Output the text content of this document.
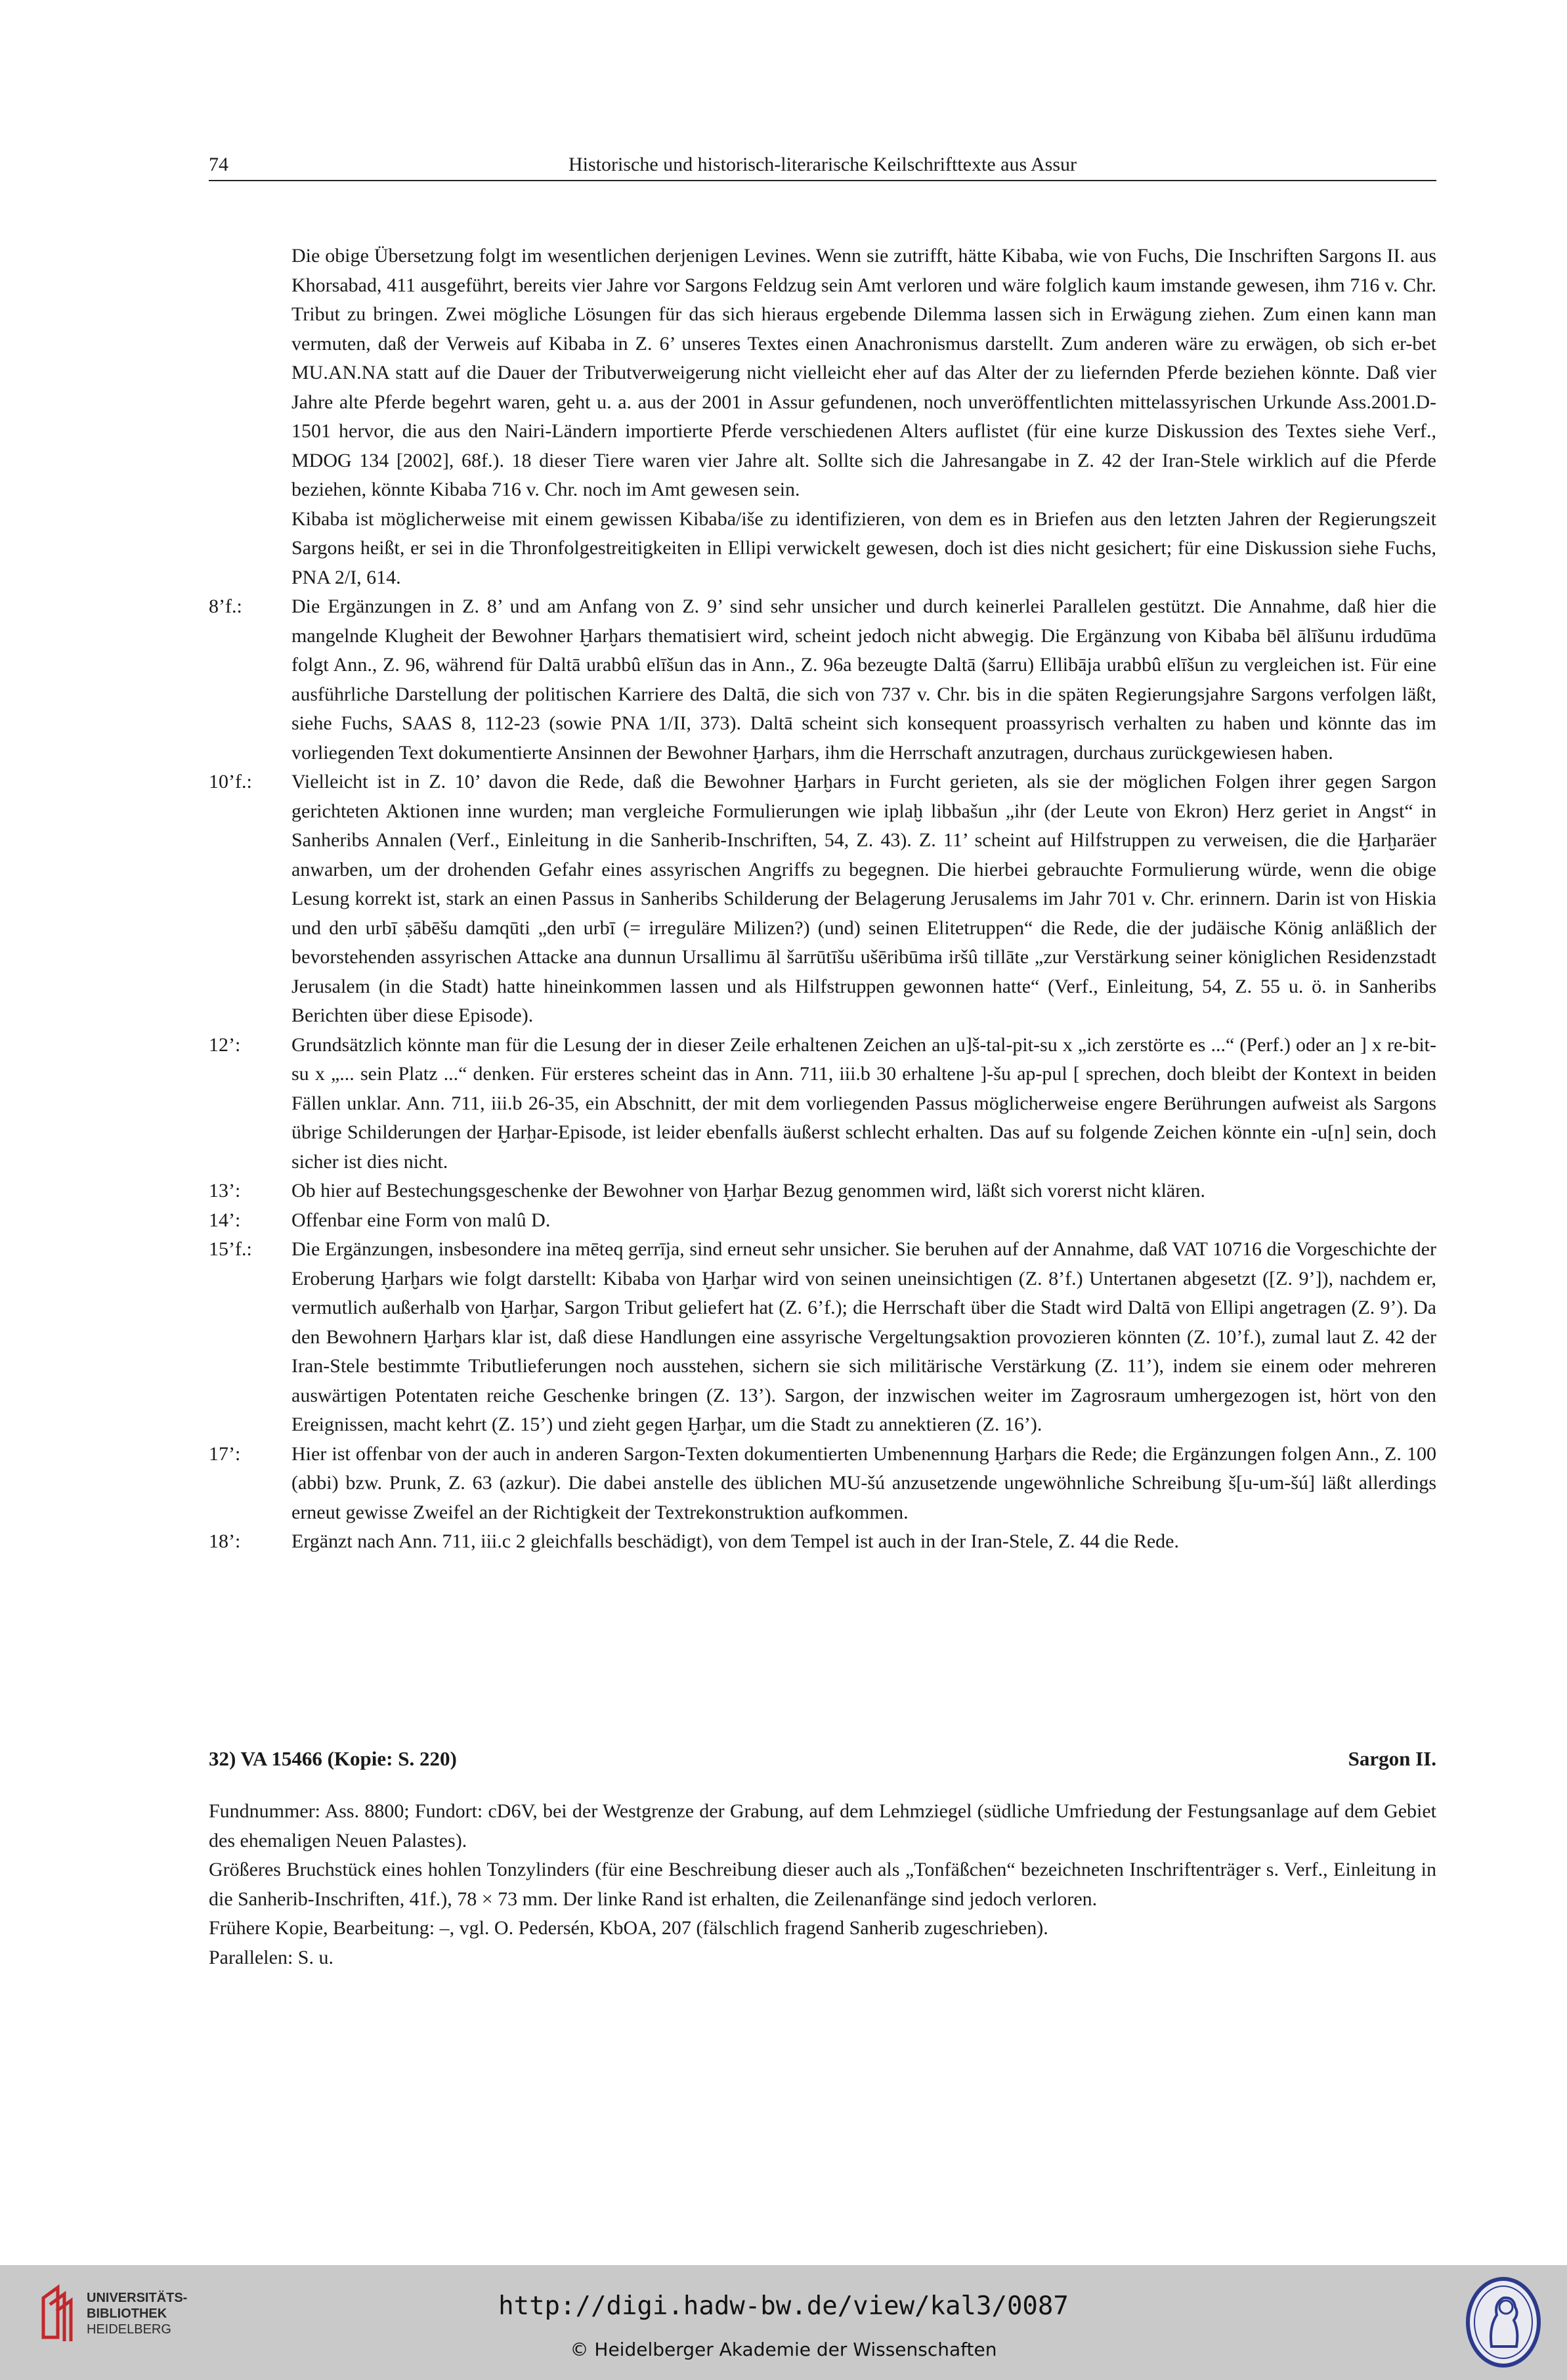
74	Historische und historisch-literarische Keilschrifttexte aus Assur
Die obige Übersetzung folgt im wesentlichen derjenigen Levines. Wenn sie zutrifft, hätte Kibaba, wie von Fuchs, Die Inschriften Sargons II. aus Khorsabad, 411 ausgeführt, bereits vier Jahre vor Sargons Feldzug sein Amt verloren und wäre folglich kaum imstande gewesen, ihm 716 v. Chr. Tribut zu bringen. Zwei mögliche Lösungen für das sich hieraus ergebende Dilemma lassen sich in Erwägung ziehen. Zum einen kann man vermuten, daß der Verweis auf Kibaba in Z. 6’ unseres Textes einen Anachronismus darstellt. Zum anderen wäre zu erwägen, ob sich er-bet MU.AN.NA statt auf die Dauer der Tributverweigerung nicht vielleicht eher auf das Alter der zu liefernden Pferde beziehen könnte. Daß vier Jahre alte Pferde begehrt waren, geht u. a. aus der 2001 in Assur gefundenen, noch unveröffentlichten mittelassyrischen Urkunde Ass.2001.D-1501 hervor, die aus den Nairi-Ländern importierte Pferde verschiedenen Alters auflistet (für eine kurze Diskussion des Textes siehe Verf., MDOG 134 [2002], 68f.). 18 dieser Tiere waren vier Jahre alt. Sollte sich die Jahresangabe in Z. 42 der Iran-Stele wirklich auf die Pferde beziehen, könnte Kibaba 716 v. Chr. noch im Amt gewesen sein.
Kibaba ist möglicherweise mit einem gewissen Kibaba/iše zu identifizieren, von dem es in Briefen aus den letzten Jahren der Regierungszeit Sargons heißt, er sei in die Thronfolgestreitigkeiten in Ellipi verwickelt gewesen, doch ist dies nicht gesichert; für eine Diskussion siehe Fuchs, PNA 2/I, 614.
8’f.:	Die Ergänzungen in Z. 8’ und am Anfang von Z. 9’ sind sehr unsicher und durch keinerlei Parallelen gestützt. Die Annahme, daß hier die mangelnde Klugheit der Bewohner Ḫarḫars thematisiert wird, scheint jedoch nicht abwegig. Die Ergänzung von Kibaba bēl ālīšunu irdudūma folgt Ann., Z. 96, während für Daltā urabbû elīšun das in Ann., Z. 96a bezeugte Daltā (šarru) Ellibāja urabbû elīšun zu vergleichen ist. Für eine ausführliche Darstellung der politischen Karriere des Daltā, die sich von 737 v. Chr. bis in die späten Regierungsjahre Sargons verfolgen läßt, siehe Fuchs, SAAS 8, 112-23 (sowie PNA 1/II, 373). Daltā scheint sich konsequent proassyrisch verhalten zu haben und könnte das im vorliegenden Text dokumentierte Ansinnen der Bewohner Ḫarḫars, ihm die Herrschaft anzutragen, durchaus zurückgewiesen haben.
10’f.: Vielleicht ist in Z. 10’ davon die Rede, daß die Bewohner Ḫarḫars in Furcht gerieten, als sie der möglichen Folgen ihrer gegen Sargon gerichteten Aktionen inne wurden; man vergleiche Formulierungen wie iplaḫ libbašun „ihr (der Leute von Ekron) Herz geriet in Angst“ in Sanheribs Annalen (Verf., Einleitung in die Sanherib-Inschriften, 54, Z. 43). Z. 11’ scheint auf Hilfstruppen zu verweisen, die die Ḫarḫaräer anwarben, um der drohenden Gefahr eines assyrischen Angriffs zu begegnen. Die hierbei gebrauchte Formulierung würde, wenn die obige Lesung korrekt ist, stark an einen Passus in Sanheribs Schilderung der Belagerung Jerusalems im Jahr 701 v. Chr. erinnern. Darin ist von Hiskia und den urbī ṣābēšu damqūti „den urbī (= irreguläre Milizen?) (und) seinen Elitetruppen“ die Rede, die der judäische König anläßlich der bevorstehenden assyrischen Attacke ana dunnun Ursallimu āl šarrūtīšu ušēribūma iršû tillāte „zur Verstärkung seiner königlichen Residenzstadt Jerusalem (in die Stadt) hatte hineinkommen lassen und als Hilfstruppen gewonnen hatte“ (Verf., Einleitung, 54, Z. 55 u. ö. in Sanheribs Berichten über diese Episode).
12’:	Grundsätzlich könnte man für die Lesung der in dieser Zeile erhaltenen Zeichen an u]š-tal-pit-su x „ich zerstörte es ...“ (Perf.) oder an ] x re-bit-su x „... sein Platz ...“ denken. Für ersteres scheint das in Ann. 711, iii.b 30 erhaltene ]-šu ap-pul [ sprechen, doch bleibt der Kontext in beiden Fällen unklar. Ann. 711, iii.b 26-35, ein Abschnitt, der mit dem vorliegenden Passus möglicherweise engere Berührungen aufweist als Sargons übrige Schilderungen der Ḫarḫar-Episode, ist leider ebenfalls äußerst schlecht erhalten. Das auf su folgende Zeichen könnte ein -u[n] sein, doch sicher ist dies nicht.
13’:	Ob hier auf Bestechungsgeschenke der Bewohner von Ḫarḫar Bezug genommen wird, läßt sich vorerst nicht klären.
14’:	Offenbar eine Form von malû D.
15’f.: Die Ergänzungen, insbesondere ina mēteq gerrīja, sind erneut sehr unsicher. Sie beruhen auf der Annahme, daß VAT 10716 die Vorgeschichte der Eroberung Ḫarḫars wie folgt darstellt: Kibaba von Ḫarḫar wird von seinen uneinsichtigen (Z. 8’f.) Untertanen abgesetzt ([Z. 9’]), nachdem er, vermutlich außerhalb von Ḫarḫar, Sargon Tribut geliefert hat (Z. 6’f.); die Herrschaft über die Stadt wird Daltā von Ellipi angetragen (Z. 9’). Da den Bewohnern Ḫarḫars klar ist, daß diese Handlungen eine assyrische Vergeltungsaktion provozieren könnten (Z. 10’f.), zumal laut Z. 42 der Iran-Stele bestimmte Tributlieferungen noch ausstehen, sichern sie sich militärische Verstärkung (Z. 11’), indem sie einem oder mehreren auswärtigen Potentaten reiche Geschenke bringen (Z. 13’). Sargon, der inzwischen weiter im Zagrosraum umhergezogen ist, hört von den Ereignissen, macht kehrt (Z. 15’) und zieht gegen Ḫarḫar, um die Stadt zu annektieren (Z. 16’).
17’:	Hier ist offenbar von der auch in anderen Sargon-Texten dokumentierten Umbenennung Ḫarḫars die Rede; die Ergänzungen folgen Ann., Z. 100 (abbi) bzw. Prunk, Z. 63 (azkur). Die dabei anstelle des üblichen MU-šú anzusetzende ungewöhnliche Schreibung š[u-um-šú] läßt allerdings erneut gewisse Zweifel an der Richtigkeit der Textrekonstruktion aufkommen.
18’:	Ergänzt nach Ann. 711, iii.c 2 gleichfalls beschädigt), von dem Tempel ist auch in der Iran-Stele, Z. 44 die Rede.
32) VA 15466 (Kopie: S. 220)	Sargon II.

Fundnummer: Ass. 8800; Fundort: cD6V, bei der Westgrenze der Grabung, auf dem Lehmziegel (südliche Umfriedung der Festungsanlage auf dem Gebiet des ehemaligen Neuen Palastes).

Größeres Bruchstück eines hohlen Tonzylinders (für eine Beschreibung dieser auch als „Tonfäßchen“ bezeichneten Inschriftenträger s. Verf., Einleitung in die Sanherib-Inschriften, 41f.), 78 × 73 mm. Der linke Rand ist erhalten, die Zeilenanfänge sind jedoch verloren.

Frühere Kopie, Bearbeitung: –, vgl. O. Pedersén, KbOA, 207 (fälschlich fragend Sanherib zugeschrieben).

Parallelen: S. u.

UNIVERSITÄTS-
BIBLIOTHEK
HEIDELBERG
http://digi.hadw-bw.de/view/kal3/0087
© Heidelberger Akademie der Wissenschaften
